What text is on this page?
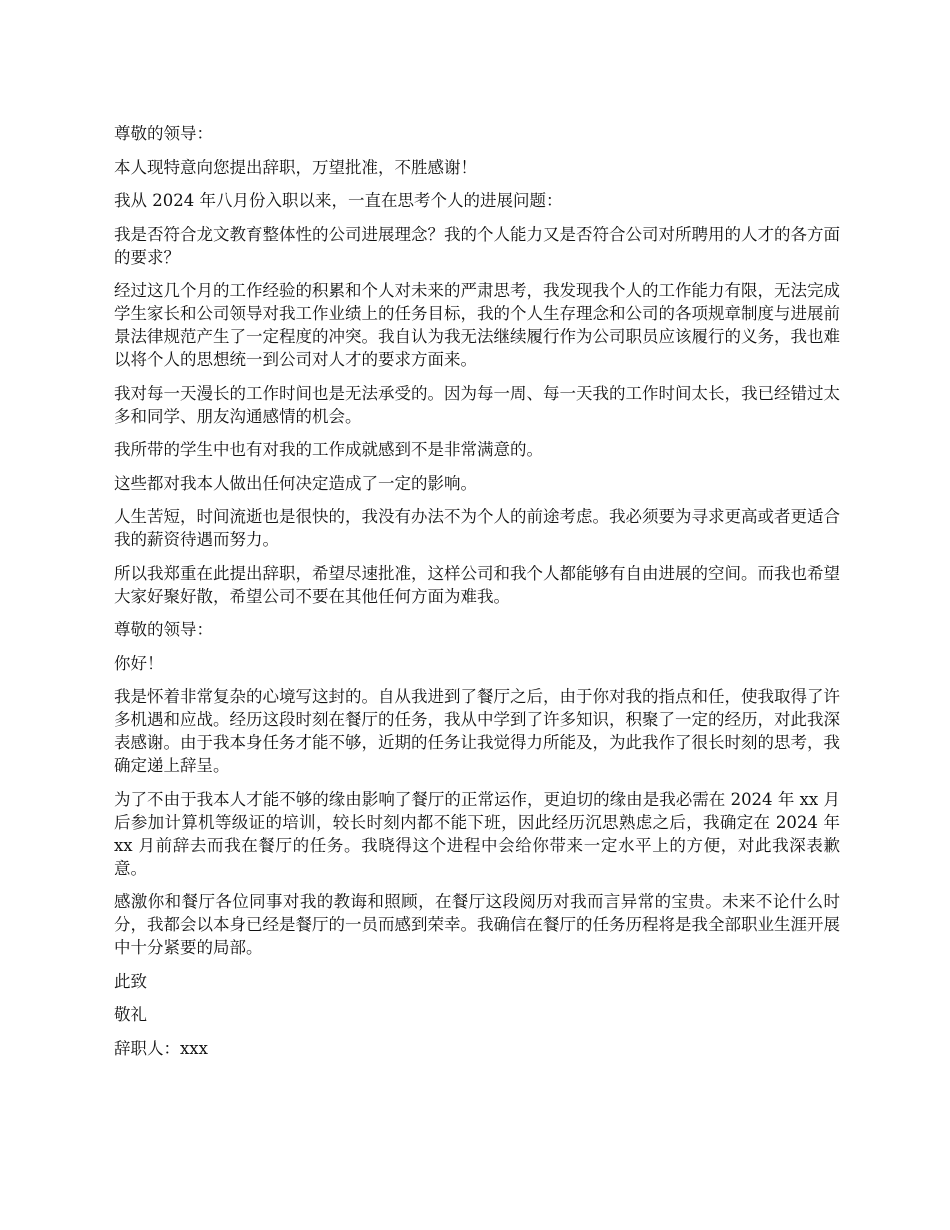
尊敬的领导：

本人现特意向您提出辞职，万望批准，不胜感谢！

我从 2024 年八月份入职以来，一直在思考个人的进展问题：

我是否符合龙文教育整体性的公司进展理念？我的个人能力又是否符合公司对所聘用的人才的各方面的要求？

经过这几个月的工作经验的积累和个人对未来的严肃思考，我发现我个人的工作能力有限，无法完成学生家长和公司领导对我工作业绩上的任务目标，我的个人生存理念和公司的各项规章制度与进展前景法律规范产生了一定程度的冲突。我自认为我无法继续履行作为公司职员应该履行的义务，我也难以将个人的思想统一到公司对人才的要求方面来。

我对每一天漫长的工作时间也是无法承受的。因为每一周、每一天我的工作时间太长，我已经错过太多和同学、朋友沟通感情的机会。

我所带的学生中也有对我的工作成就感到不是非常满意的。

这些都对我本人做出任何决定造成了一定的影响。

人生苦短，时间流逝也是很快的，我没有办法不为个人的前途考虑。我必须要为寻求更高或者更适合我的薪资待遇而努力。

所以我郑重在此提出辞职，希望尽速批准，这样公司和我个人都能够有自由进展的空间。而我也希望大家好聚好散，希望公司不要在其他任何方面为难我。

尊敬的领导：

你好！

我是怀着非常复杂的心境写这封的。自从我进到了餐厅之后，由于你对我的指点和任，使我取得了许多机遇和应战。经历这段时刻在餐厅的任务，我从中学到了许多知识，积聚了一定的经历，对此我深表感谢。由于我本身任务才能不够，近期的任务让我觉得力所能及，为此我作了很长时刻的思考，我确定递上辞呈。

为了不由于我本人才能不够的缘由影响了餐厅的正常运作，更迫切的缘由是我必需在 2024 年 xx 月后参加计算机等级证的培训，较长时刻内都不能下班，因此经历沉思熟虑之后，我确定在 2024 年 xx 月前辞去而我在餐厅的任务。我晓得这个进程中会给你带来一定水平上的方便，对此我深表歉意。

感激你和餐厅各位同事对我的教诲和照顾，在餐厅这段阅历对我而言异常的宝贵。未来不论什么时分，我都会以本身已经是餐厅的一员而感到荣幸。我确信在餐厅的任务历程将是我全部职业生涯开展中十分紧要的局部。

此致

敬礼

辞职人：xxx
